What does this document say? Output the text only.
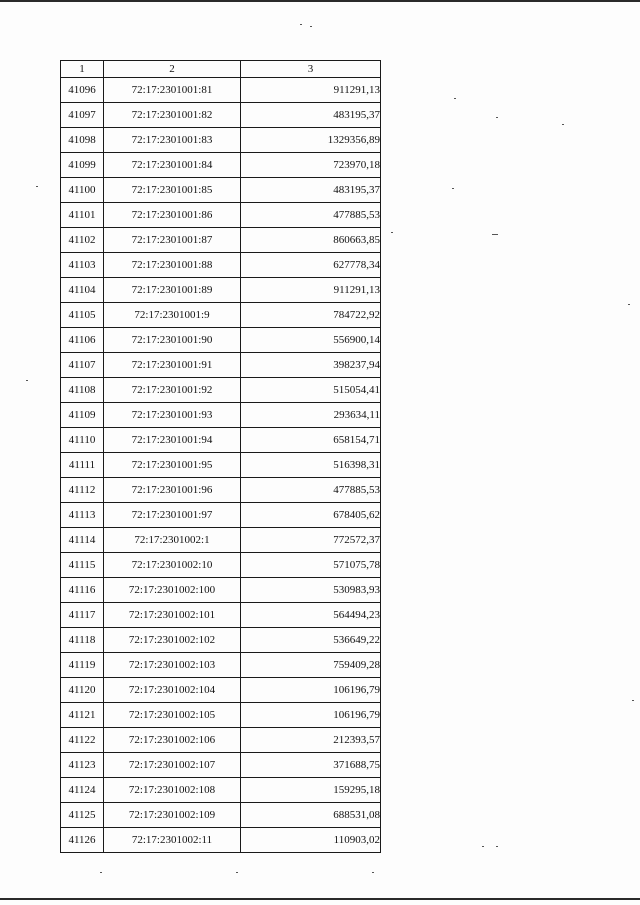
1	2	3
41096	72:17:2301001:81	911291,13
41097	72:17:2301001:82	483195,37
41098	72:17:2301001:83	1329356,89
41099	72:17:2301001:84	723970,18
41100	72:17:2301001:85	483195,37
41101	72:17:2301001:86	477885,53
41102	72:17:2301001:87	860663,85
41103	72:17:2301001:88	627778,34
41104	72:17:2301001:89	911291,13
41105	72:17:2301001:9	784722,92
41106	72:17:2301001:90	556900,14
41107	72:17:2301001:91	398237,94
41108	72:17:2301001:92	515054,41
41109	72:17:2301001:93	293634,11
41110	72:17:2301001:94	658154,71
41111	72:17:2301001:95	516398,31
41112	72:17:2301001:96	477885,53
41113	72:17:2301001:97	678405,62
41114	72:17:2301002:1	772572,37
41115	72:17:2301002:10	571075,78
41116	72:17:2301002:100	530983,93
41117	72:17:2301002:101	564494,23
41118	72:17:2301002:102	536649,22
41119	72:17:2301002:103	759409,28
41120	72:17:2301002:104	106196,79
41121	72:17:2301002:105	106196,79
41122	72:17:2301002:106	212393,57
41123	72:17:2301002:107	371688,75
41124	72:17:2301002:108	159295,18
41125	72:17:2301002:109	688531,08
41126	72:17:2301002:11	110903,02
